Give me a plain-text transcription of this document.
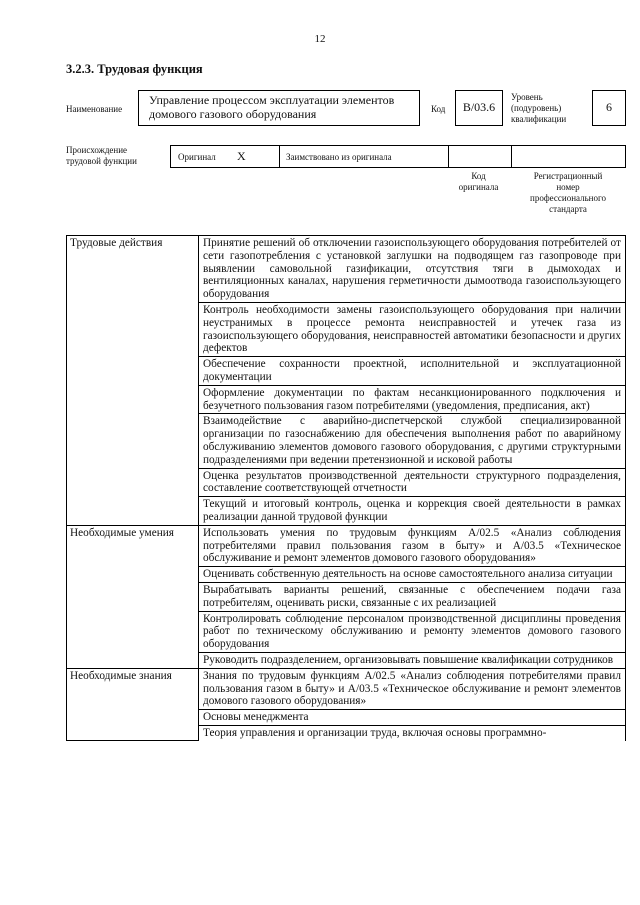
12
3.2.3. Трудовая функция
Наименование
Управление процессом эксплуатации элементов
домового газового оборудования	Код	B/03.6
Уровень
(подуровень)
квалификации
6
Происхождение
трудовой функции	Оригинал X	Заимствовано из оригинала
Код
оригинала
Регистрационный
номер
профессионального
стандарта
Трудовые действия	Принятие решений об отключении газоиспользующего оборудования потребителей от сети газопотребления с установкой заглушки на подводящем газ газопроводе при выявлении самовольной газификации, отсутствия тяги в дымоходах и вентиляционных каналах, нарушения герметичности дымоотвода газоиспользующего оборудования
	Контроль необходимости замены газоиспользующего оборудования при наличии неустранимых в процессе ремонта неисправностей и утечек газа из газоиспользующего оборудования, неисправностей автоматики безопасности и других дефектов
	Обеспечение сохранности проектной, исполнительной и эксплуатационной документации
	Оформление документации по фактам несанкционированного подключения и безучетного пользования газом потребителями (уведомления, предписания, акт)
	Взаимодействие с аварийно-диспетчерской службой специализированной организации по газоснабжению для обеспечения выполнения работ по аварийному обслуживанию элементов домового газового оборудования, с другими структурными подразделениями при ведении претензионной и исковой работы
	Оценка результатов производственной деятельности структурного подразделения, составление соответствующей отчетности
	Текущий и итоговый контроль, оценка и коррекция своей деятельности в рамках реализации данной трудовой функции
Необходимые умения	Использовать умения по трудовым функциям A/02.5 «Анализ соблюдения потребителями правил пользования газом в быту» и A/03.5 «Техническое обслуживание и ремонт элементов домового газового оборудования»
	Оценивать собственную деятельность на основе самостоятельного анализа ситуации
	Вырабатывать варианты решений, связанные с обеспечением подачи газа потребителям, оценивать риски, связанные с их реализацией
	Контролировать соблюдение персоналом производственной дисциплины проведения работ по техническому обслуживанию и ремонту элементов домового газового оборудования
	Руководить подразделением, организовывать повышение квалификации сотрудников
Необходимые знания	Знания по трудовым функциям A/02.5 «Анализ соблюдения потребителями правил пользования газом в быту» и A/03.5 «Техническое обслуживание и ремонт элементов домового газового оборудования»
	Основы менеджмента
	Теория управления и организации труда, включая основы программно-
